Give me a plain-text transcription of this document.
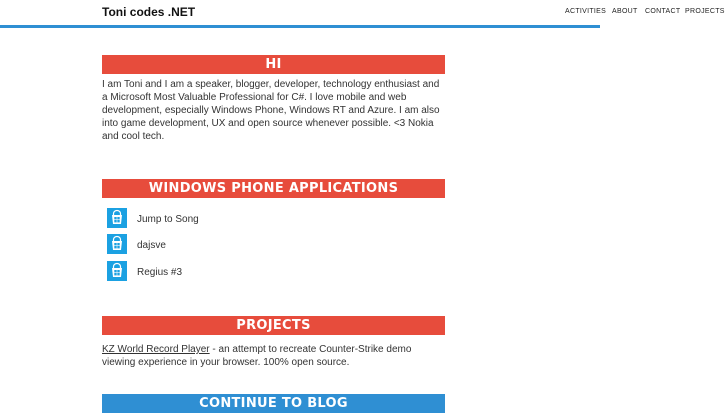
Toni codes .NET	ACTIVITIES ABOUT CONTACT PROJECTS
HI

I am Toni and I am a speaker, blogger, developer, technology enthusiast and a Microsoft Most Valuable Professional for C#. I love mobile and web development, especially Windows Phone, Windows RT and Azure. I am also into game development, UX and open source whenever possible. <3 Nokia and cool tech.

WINDOWS PHONE APPLICATIONS
Jump to Song
dajsve
Regius #3
PROJECTS

KZ World Record Player - an attempt to recreate Counter-Strike demo viewing experience in your browser. 100% open source.

CONTINUE TO BLOG
